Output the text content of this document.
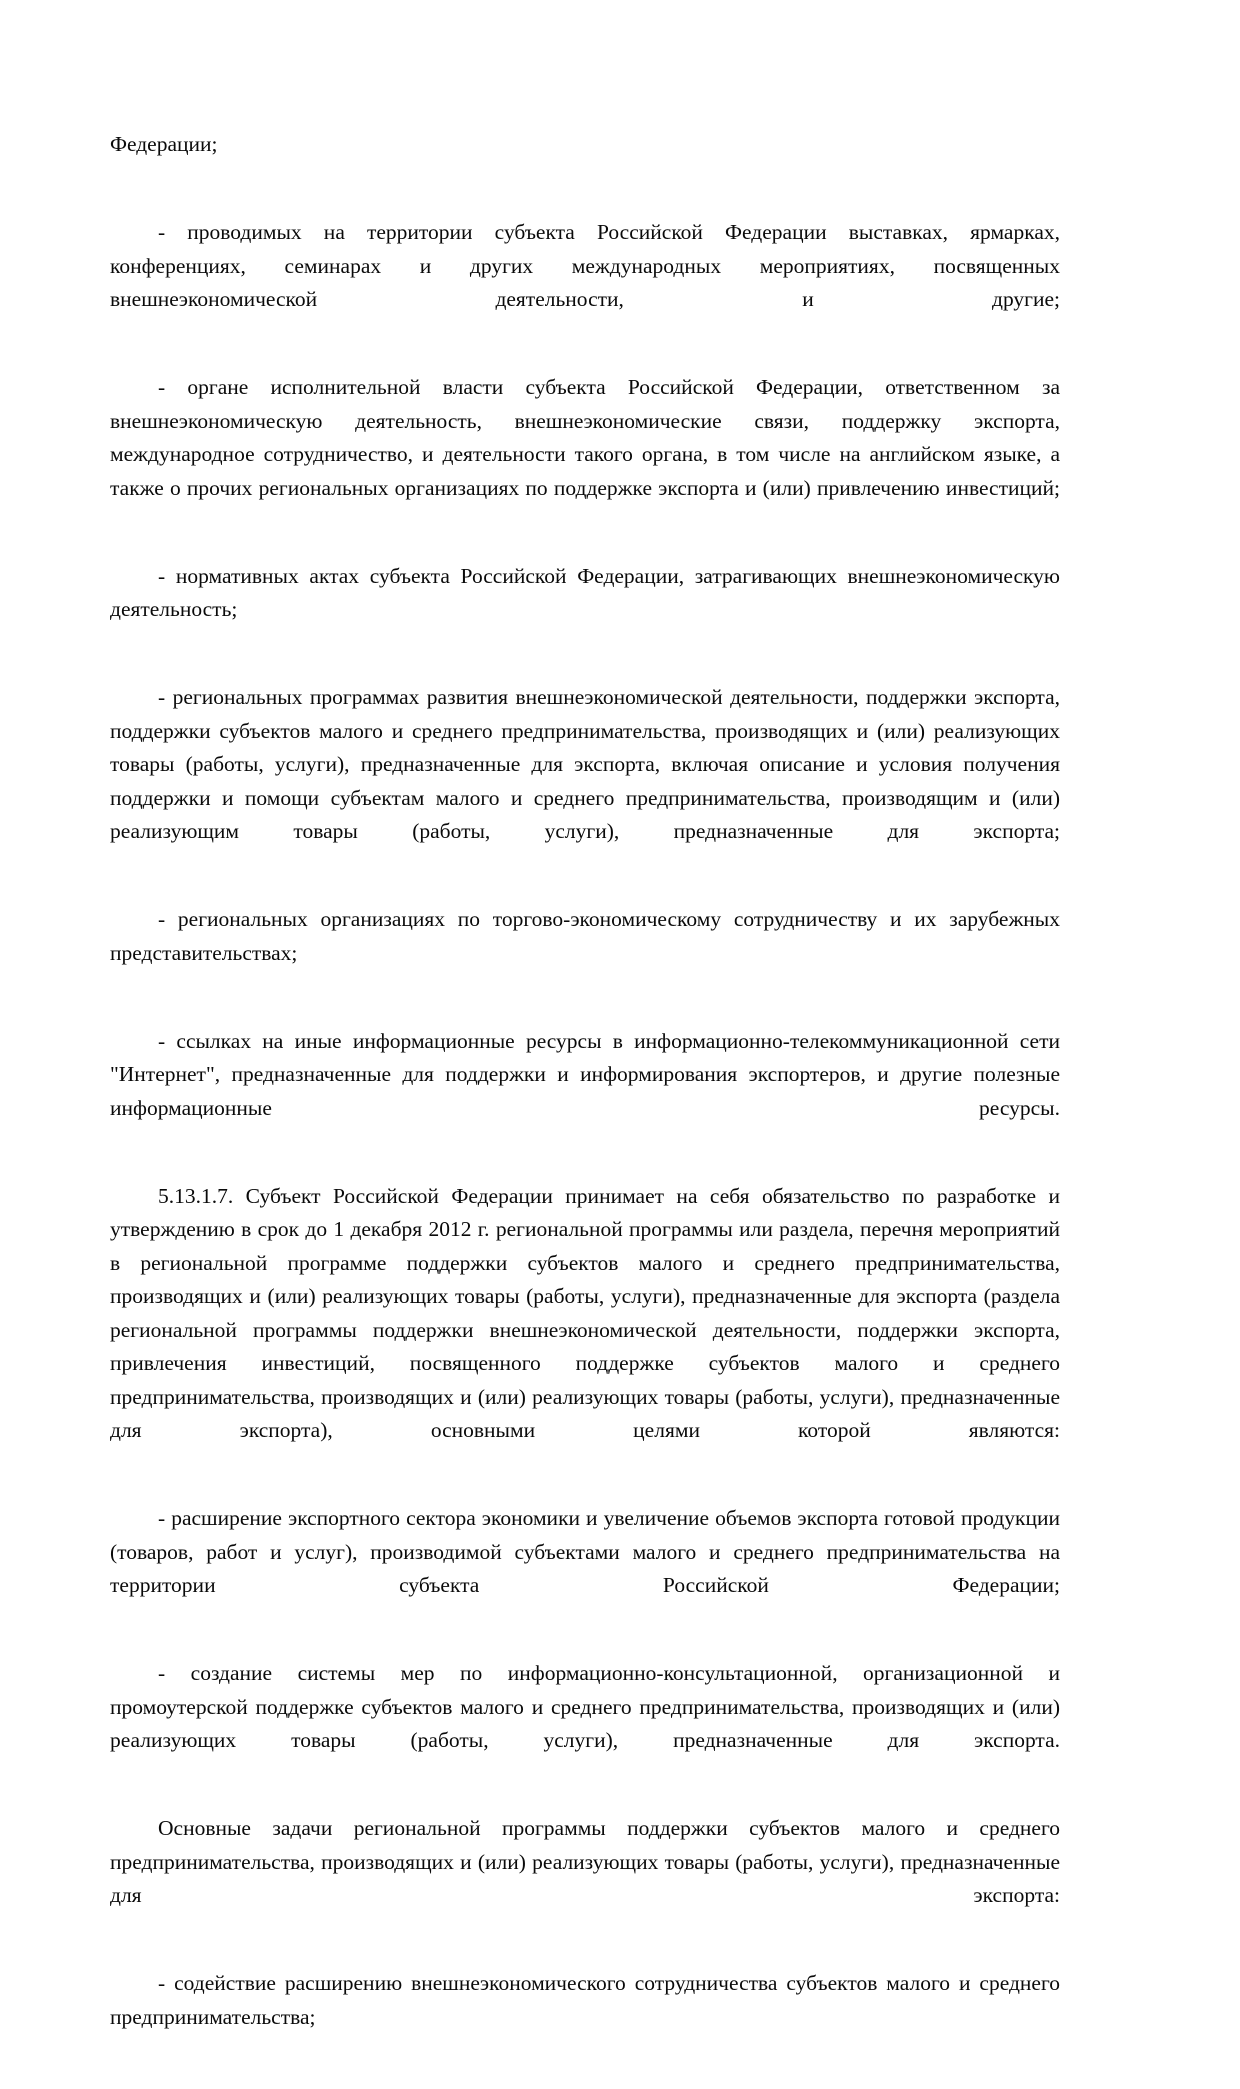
Федерации;

- проводимых на территории субъекта Российской Федерации выставках, ярмарках, конференциях, семинарах и других международных мероприятиях, посвященных внешнеэкономической деятельности, и другие;

- органе исполнительной власти субъекта Российской Федерации, ответственном за внешнеэкономическую деятельность, внешнеэкономические связи, поддержку экспорта, международное сотрудничество, и деятельности такого органа, в том числе на английском языке, а также о прочих региональных организациях по поддержке экспорта и (или) привлечению инвестиций;

- нормативных актах субъекта Российской Федерации, затрагивающих внешнеэкономическую деятельность;

- региональных программах развития внешнеэкономической деятельности, поддержки экспорта, поддержки субъектов малого и среднего предпринимательства, производящих и (или) реализующих товары (работы, услуги), предназначенные для экспорта, включая описание и условия получения поддержки и помощи субъектам малого и среднего предпринимательства, производящим и (или) реализующим товары (работы, услуги), предназначенные для экспорта;

- региональных организациях по торгово-экономическому сотрудничеству и их зарубежных представительствах;

- ссылках на иные информационные ресурсы в информационно-телекоммуникационной сети "Интернет", предназначенные для поддержки и информирования экспортеров, и другие полезные информационные ресурсы.

5.13.1.7. Субъект Российской Федерации принимает на себя обязательство по разработке и утверждению в срок до 1 декабря 2012 г. региональной программы или раздела, перечня мероприятий в региональной программе поддержки субъектов малого и среднего предпринимательства, производящих и (или) реализующих товары (работы, услуги), предназначенные для экспорта (раздела региональной программы поддержки внешнеэкономической деятельности, поддержки экспорта, привлечения инвестиций, посвященного поддержке субъектов малого и среднего предпринимательства, производящих и (или) реализующих товары (работы, услуги), предназначенные для экспорта), основными целями которой являются:

- расширение экспортного сектора экономики и увеличение объемов экспорта готовой продукции (товаров, работ и услуг), производимой субъектами малого и среднего предпринимательства на территории субъекта Российской Федерации;

- создание системы мер по информационно-консультационной, организационной и промоутерской поддержке субъектов малого и среднего предпринимательства, производящих и (или) реализующих товары (работы, услуги), предназначенные для экспорта.

Основные задачи региональной программы поддержки субъектов малого и среднего предпринимательства, производящих и (или) реализующих товары (работы, услуги), предназначенные для экспорта:

- содействие расширению внешнеэкономического сотрудничества субъектов малого и среднего предпринимательства;
